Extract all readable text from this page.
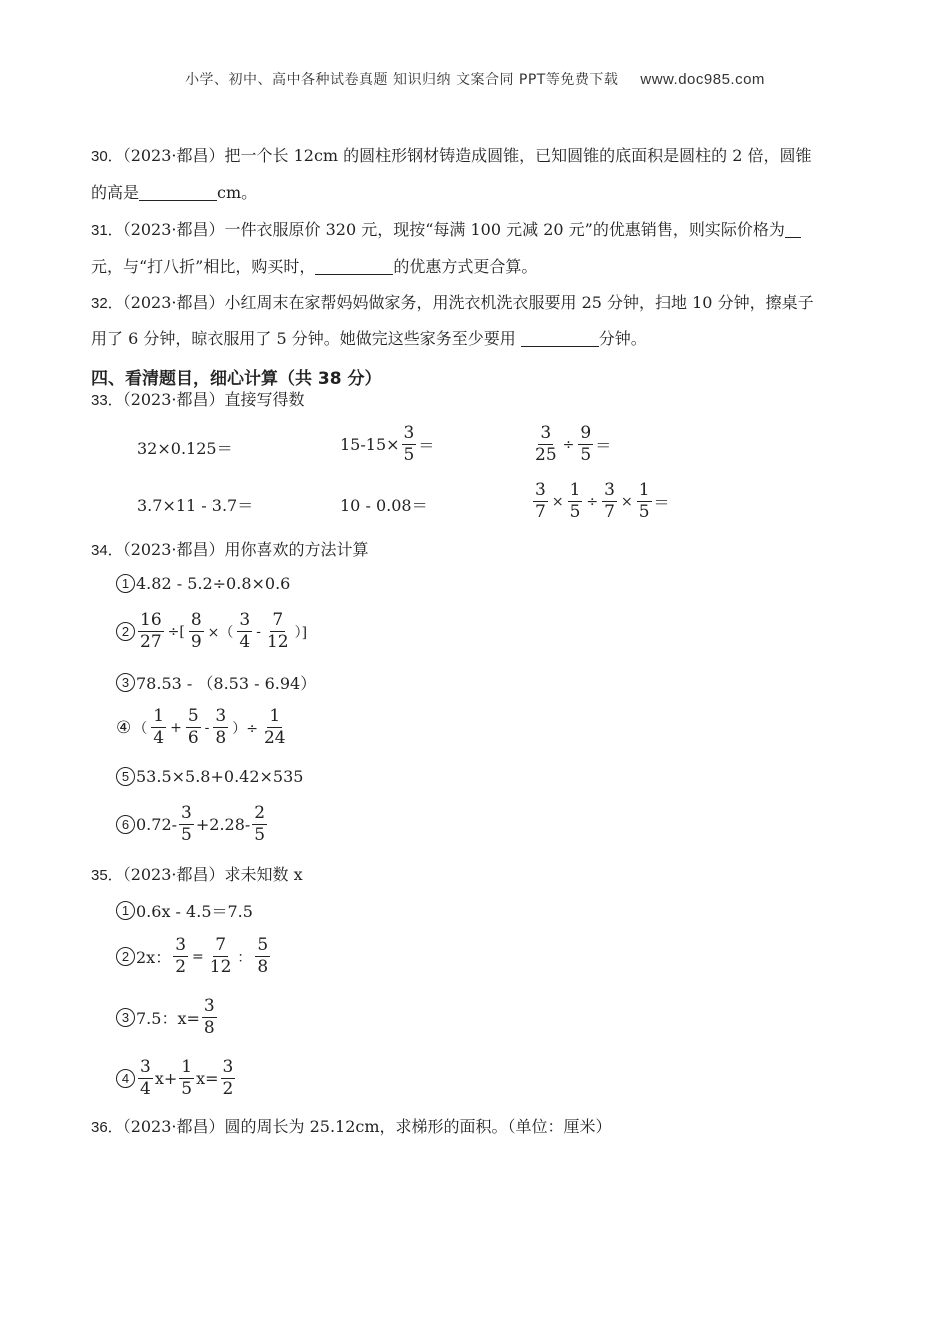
小学、初中、高中各种试卷真题 知识归纳 文案合同 PPT等免费下载 www.doc985.com
30．（2023·都昌）把一个长 12cm 的圆柱形钢材铸造成圆锥，已知圆锥的底面积是圆柱的 2 倍，圆锥
的高是	cm。
31．（2023·都昌）一件衣服原价 320 元，现按“每满 100 元减 20 元”的优惠销售，则实际价格为
元，与“打八折”相比，购买时，	的优惠方式更合算。
32．（2023·都昌）小红周末在家帮妈妈做家务，用洗衣机洗衣服要用 25 分钟，扫地 10 分钟，擦桌子
用了 6 分钟，晾衣服用了 5 分钟。她做完这些家务至少要用	分钟。
四、看清题目，细心计算（共 38 分）
33．（2023·都昌）直接写得数
32×0.125＝	$15-15\times \frac{3}{5}$ ＝	$\frac{3}{25} \div \frac{9}{5}$ ＝
3.7×11 - 3.7＝	10 - 0.08＝	$\frac{3}{7} \times \frac{1}{5} \div \frac{3}{7} \times \frac{1}{5}$ ＝
34．（2023·都昌）用你喜欢的方法计算
1 4.82 - 5.2÷0.8×0.6
$2 \frac{16}{27}$ ÷[ $\frac{8}{9}$ ×（ $\frac{3}{4} - \frac{7}{12}$ ）]
3 78.53 - （8.53 - 6.94）
④ （ $\frac{1}{4} + \frac{5}{6} - \frac{3}{8}$ ）÷ $\frac{1}{24}$
5 53.5×5.8+0.42×535
6 $0.72- \frac{3}{5} +2.28- \frac{2}{5}$
35．（2023·都昌）求未知数 x
1 0.6x - 4.5＝7.5
2 2x： $\frac{3}{2} = \frac{7}{12}$ ： $\frac{5}{8}$
3 7.5：$x= \frac{3}{8}$
$4 \frac{3}{4} x+ \frac{1}{5} x= \frac{3}{2}$
36．（2023·都昌）圆的周长为 25.12cm，求梯形的面积。（单位：厘米）
